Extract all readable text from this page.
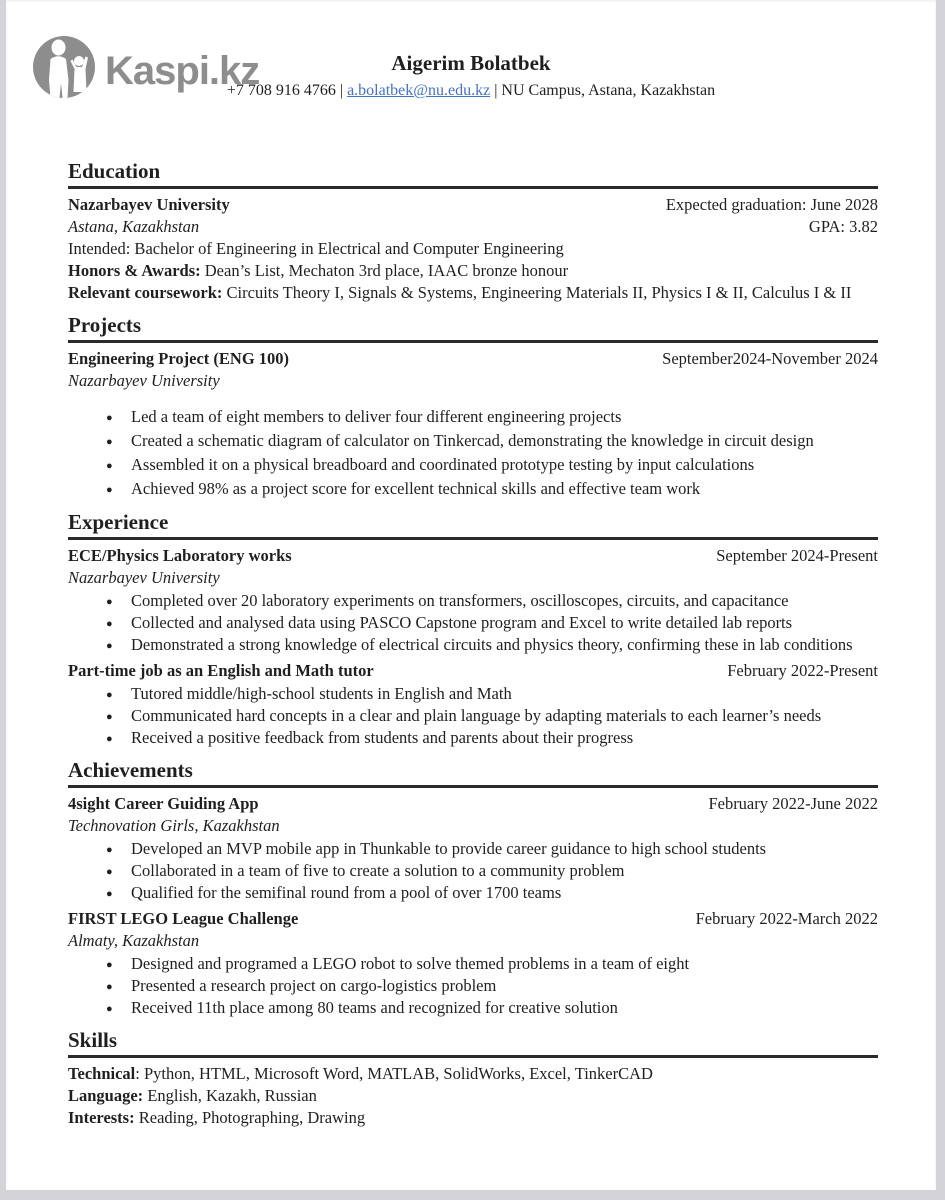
Kaspi.kz	Aigerim Bolatbek
+7 708 916 4766 | a.bolatbek@nu.edu.kz | NU Campus, Astana, Kazakhstan
Education
Nazarbayev University	Expected graduation: June 2028
Astana, Kazakhstan	GPA: 3.82
Intended: Bachelor of Engineering in Electrical and Computer Engineering
Honors & Awards: Dean’s List, Mechaton 3rd place, IAAC bronze honour
Relevant coursework: Circuits Theory I, Signals & Systems, Engineering Materials II, Physics I & II, Calculus I & II
Projects
Engineering Project (ENG 100)	September2024-November 2024
Nazarbayev University
● Led a team of eight members to deliver four different engineering projects
● Created a schematic diagram of calculator on Tinkercad, demonstrating the knowledge in circuit design
● Assembled it on a physical breadboard and coordinated prototype testing by input calculations
● Achieved 98% as a project score for excellent technical skills and effective team work
Experience
ECE/Physics Laboratory works	September 2024-Present
Nazarbayev University
● Completed over 20 laboratory experiments on transformers, oscilloscopes, circuits, and capacitance
● Collected and analysed data using PASCO Capstone program and Excel to write detailed lab reports
● Demonstrated a strong knowledge of electrical circuits and physics theory, confirming these in lab conditions
Part-time job as an English and Math tutor	February 2022-Present
● Tutored middle/high-school students in English and Math
● Communicated hard concepts in a clear and plain language by adapting materials to each learner’s needs
● Received a positive feedback from students and parents about their progress
Achievements
4sight Career Guiding App	February 2022-June 2022
Technovation Girls, Kazakhstan
● Developed an MVP mobile app in Thunkable to provide career guidance to high school students
● Collaborated in a team of five to create a solution to a community problem
● Qualified for the semifinal round from a pool of over 1700 teams
FIRST LEGO League Challenge	February 2022-March 2022
Almaty, Kazakhstan
● Designed and programed a LEGO robot to solve themed problems in a team of eight
● Presented a research project on cargo-logistics problem
● Received 11th place among 80 teams and recognized for creative solution
Skills
Technical: Python, HTML, Microsoft Word, MATLAB, SolidWorks, Excel, TinkerCAD
Language: English, Kazakh, Russian
Interests: Reading, Photographing, Drawing
